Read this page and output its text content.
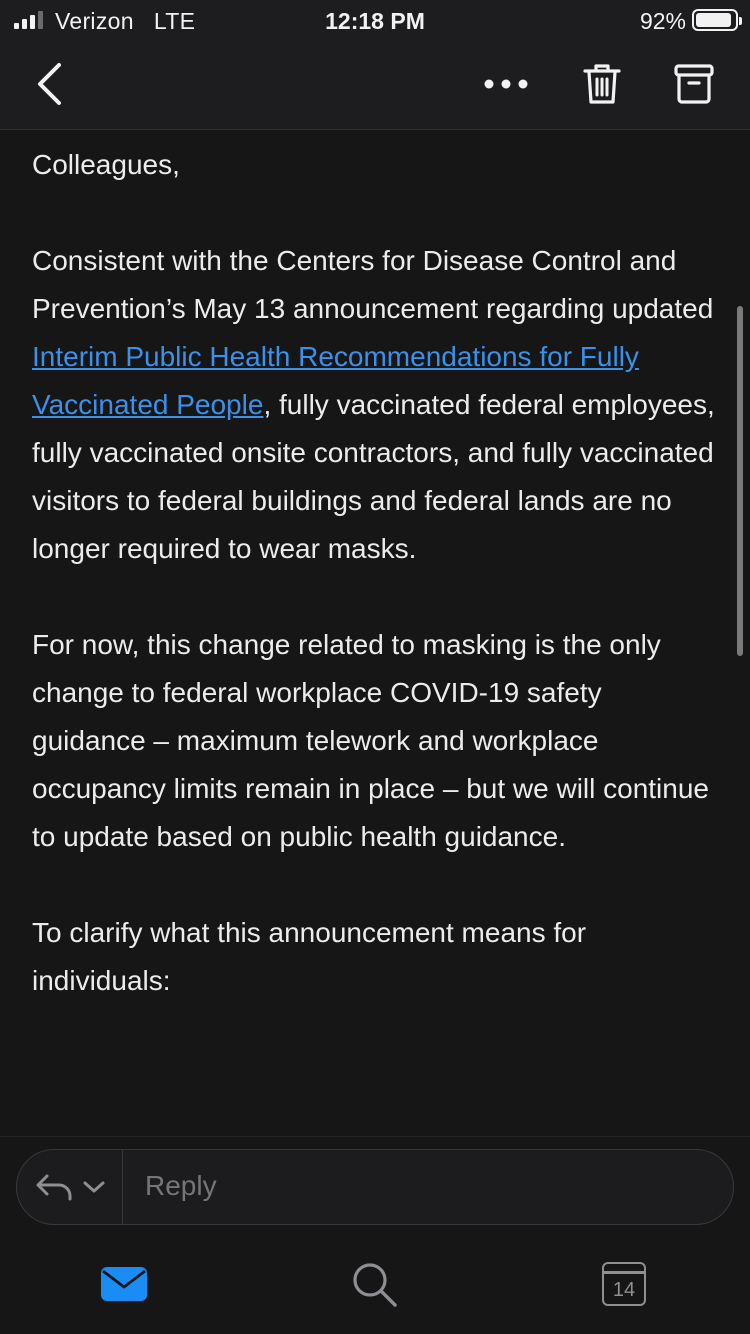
Verizon LTE	12:18 PM	92%

Colleagues,

Consistent with the Centers for Disease Control and Prevention’s May 13 announcement regarding updated Interim Public Health Recommendations for Fully Vaccinated People, fully vaccinated federal employees, fully vaccinated onsite contractors, and fully vaccinated visitors to federal buildings and federal lands are no longer required to wear masks.

For now, this change related to masking is the only change to federal workplace COVID-19 safety guidance – maximum telework and workplace occupancy limits remain in place – but we will continue to update based on public health guidance.

To clarify what this announcement means for individuals:

Reply
14
